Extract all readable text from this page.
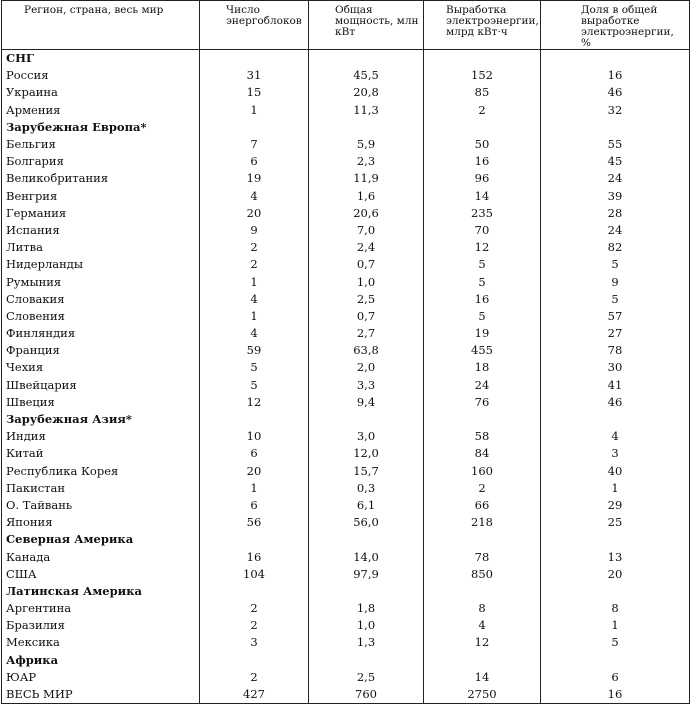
Регион, страна, весь мир	Число энергоблоков	Общая мощность, млн кВт	Выработка электроэнергии, млрд кВт·ч	Доля в общей выработке электроэнергии, %
СНГ				
Россия	31	45,5	152	16
Украина	15	20,8	85	46
Армения	1	11,3	2	32
Зарубежная Европа*				
Бельгия	7	5,9	50	55
Болгария	6	2,3	16	45
Великобритания	19	11,9	96	24
Венгрия	4	1,6	14	39
Германия	20	20,6	235	28
Испания	9	7,0	70	24
Литва	2	2,4	12	82
Нидерланды	2	0,7	5	5
Румыния	1	1,0	5	9
Словакия	4	2,5	16	5
Словения	1	0,7	5	57
Финляндия	4	2,7	19	27
Франция	59	63,8	455	78
Чехия	5	2,0	18	30
Швейцария	5	3,3	24	41
Швеция	12	9,4	76	46
Зарубежная Азия*				
Индия	10	3,0	58	4
Китай	6	12,0	84	3
Республика Корея	20	15,7	160	40
Пакистан	1	0,3	2	1
О. Тайвань	6	6,1	66	29
Япония	56	56,0	218	25
Северная Америка				
Канада	16	14,0	78	13
США	104	97,9	850	20
Латинская Америка				
Аргентина	2	1,8	8	8
Бразилия	2	1,0	4	1
Мексика	3	1,3	12	5
Африка				
ЮАР	2	2,5	14	6
ВЕСЬ МИР	427	760	2750	16
